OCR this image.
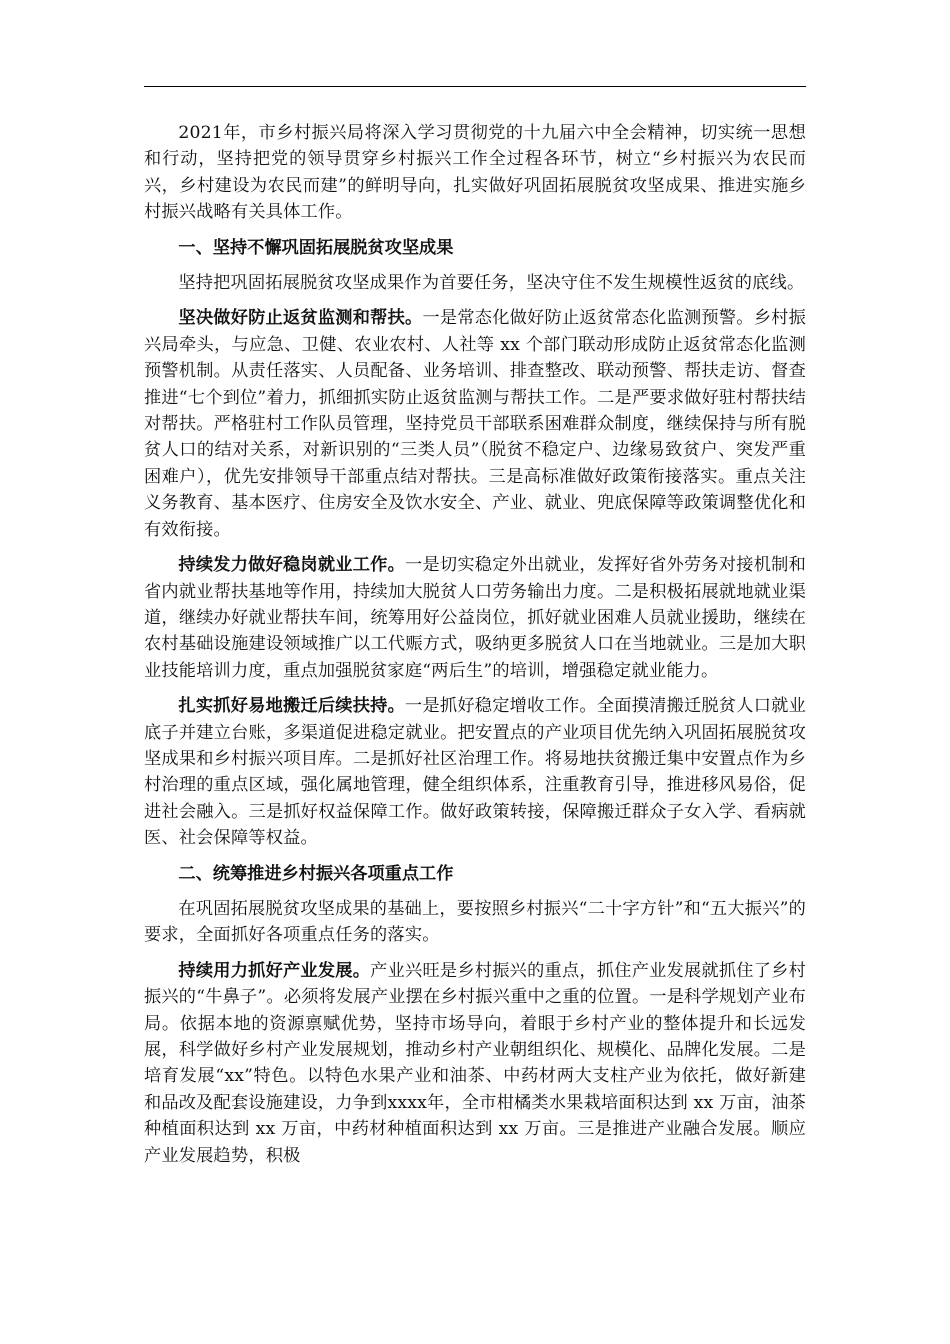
2021年，市乡村振兴局将深入学习贯彻党的十九届六中全会精神，切实统一思想和行动，坚持把党的领导贯穿乡村振兴工作全过程各环节，树立“乡村振兴为农民而兴，乡村建设为农民而建”的鲜明导向，扎实做好巩固拓展脱贫攻坚成果、推进实施乡村振兴战略有关具体工作。

一、坚持不懈巩固拓展脱贫攻坚成果

坚持把巩固拓展脱贫攻坚成果作为首要任务，坚决守住不发生规模性返贫的底线。

坚决做好防止返贫监测和帮扶。一是常态化做好防止返贫常态化监测预警。乡村振兴局牵头，与应急、卫健、农业农村、人社等 xx 个部门联动形成防止返贫常态化监测预警机制。从责任落实、人员配备、业务培训、排查整改、联动预警、帮扶走访、督查推进“七个到位”着力，抓细抓实防止返贫监测与帮扶工作。二是严要求做好驻村帮扶结对帮扶。严格驻村工作队员管理，坚持党员干部联系困难群众制度，继续保持与所有脱贫人口的结对关系，对新识别的“三类人员”（脱贫不稳定户、边缘易致贫户、突发严重困难户），优先安排领导干部重点结对帮扶。三是高标准做好政策衔接落实。重点关注义务教育、基本医疗、住房安全及饮水安全、产业、就业、兜底保障等政策调整优化和有效衔接。

持续发力做好稳岗就业工作。一是切实稳定外出就业，发挥好省外劳务对接机制和省内就业帮扶基地等作用，持续加大脱贫人口劳务输出力度。二是积极拓展就地就业渠道，继续办好就业帮扶车间，统筹用好公益岗位，抓好就业困难人员就业援助，继续在农村基础设施建设领域推广以工代赈方式，吸纳更多脱贫人口在当地就业。三是加大职业技能培训力度，重点加强脱贫家庭“两后生”的培训，增强稳定就业能力。

扎实抓好易地搬迁后续扶持。一是抓好稳定增收工作。全面摸清搬迁脱贫人口就业底子并建立台账，多渠道促进稳定就业。把安置点的产业项目优先纳入巩固拓展脱贫攻坚成果和乡村振兴项目库。二是抓好社区治理工作。将易地扶贫搬迁集中安置点作为乡村治理的重点区域，强化属地管理，健全组织体系，注重教育引导，推进移风易俗，促进社会融入。三是抓好权益保障工作。做好政策转接，保障搬迁群众子女入学、看病就医、社会保障等权益。

二、统筹推进乡村振兴各项重点工作

在巩固拓展脱贫攻坚成果的基础上，要按照乡村振兴“二十字方针”和“五大振兴”的要求，全面抓好各项重点任务的落实。

持续用力抓好产业发展。产业兴旺是乡村振兴的重点，抓住产业发展就抓住了乡村振兴的“牛鼻子”。必须将发展产业摆在乡村振兴重中之重的位置。一是科学规划产业布局。依据本地的资源禀赋优势，坚持市场导向，着眼于乡村产业的整体提升和长远发展，科学做好乡村产业发展规划，推动乡村产业朝组织化、规模化、品牌化发展。二是培育发展“xx”特色。以特色水果产业和油茶、中药材两大支柱产业为依托，做好新建和品改及配套设施建设，力争到xxxx年，全市柑橘类水果栽培面积达到 xx 万亩，油茶种植面积达到 xx 万亩，中药材种植面积达到 xx 万亩。三是推进产业融合发展。顺应产业发展趋势，积极
